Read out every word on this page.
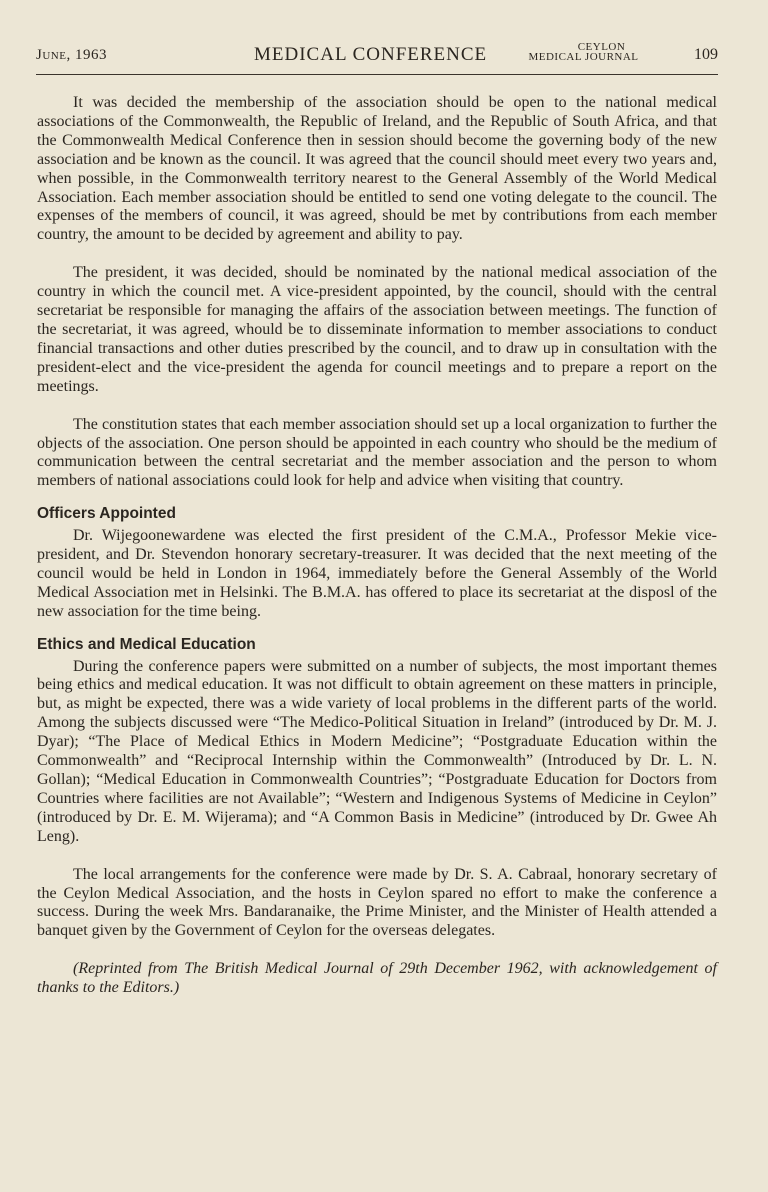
June, 1963	MEDICAL CONFERENCE	CEYLON
MEDICAL JOURNAL	109

It was decided the membership of the association should be open to the national medical associations of the Commonwealth, the Republic of Ireland, and the Republic of South Africa, and that the Commonwealth Medical Conference then in session should become the governing body of the new association and be known as the council. It was agreed that the council should meet every two years and, when possible, in the Commonwealth territory nearest to the General Assembly of the World Medical Association. Each member association should be entitled to send one voting delegate to the council. The expenses of the members of council, it was agreed, should be met by contributions from each member country, the amount to be decided by agreement and ability to pay.

The president, it was decided, should be nominated by the national medical association of the country in which the council met. A vice-president appointed, by the council, should with the central secretariat be responsible for managing the affairs of the association between meetings. The function of the secretariat, it was agreed, whould be to disseminate information to member associations to conduct financial transactions and other duties prescribed by the council, and to draw up in consultation with the president-elect and the vice-president the agenda for council meetings and to prepare a report on the meetings.

The constitution states that each member association should set up a local organization to further the objects of the association. One person should be appointed in each country who should be the medium of communication between the central secretariat and the member association and the person to whom members of national associations could look for help and advice when visiting that country.

Officers Appointed

Dr. Wijegoonewardene was elected the first president of the C.M.A., Professor Mekie vice-president, and Dr. Stevendon honorary secretary-treasurer. It was decided that the next meeting of the council would be held in London in 1964, immediately before the General Assembly of the World Medical Association met in Helsinki. The B.M.A. has offered to place its secretariat at the disposl of the new association for the time being.

Ethics and Medical Education

During the conference papers were submitted on a number of subjects, the most important themes being ethics and medical education. It was not difficult to obtain agreement on these matters in principle, but, as might be expected, there was a wide variety of local problems in the different parts of the world. Among the subjects discussed were “The Medico-Political Situation in Ireland” (introduced by Dr. M. J. Dyar); “The Place of Medical Ethics in Modern Medicine”; “Postgraduate Education within the Commonwealth” and “Reciprocal Internship within the Commonwealth” (Introduced by Dr. L. N. Gollan); “Medical Education in Commonwealth Countries”; “Postgraduate Education for Doctors from Countries where facilities are not Available”; “Western and Indigenous Systems of Medicine in Ceylon” (introduced by Dr. E. M. Wijerama); and “A Common Basis in Medicine” (introduced by Dr. Gwee Ah Leng).

The local arrangements for the conference were made by Dr. S. A. Cabraal, honorary secretary of the Ceylon Medical Association, and the hosts in Ceylon spared no effort to make the conference a success. During the week Mrs. Bandaranaike, the Prime Minister, and the Minister of Health attended a banquet given by the Government of Ceylon for the overseas delegates.

(Reprinted from The British Medical Journal of 29th December 1962, with acknowledgement of thanks to the Editors.)
